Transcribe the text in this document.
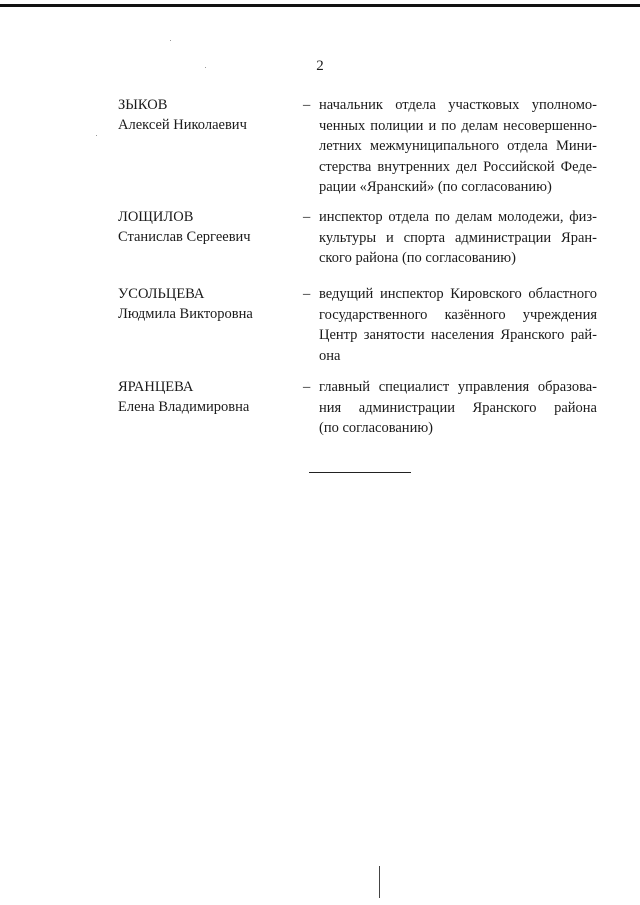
2
ЗЫКОВ
Алексей Николаевич
– начальник отдела участковых уполномо-
ченных полиции и по делам несовершенно-
летних межмуниципального отдела Мини-
стерства внутренних дел Российской Феде-
рации «Яранский» (по согласованию)
ЛОЩИЛОВ
Станислав Сергеевич
– инспектор отдела по делам молодежи, физ-
культуры и спорта администрации Яран-
ского района (по согласованию)
УСОЛЬЦЕВА
Людмила Викторовна
– ведущий инспектор Кировского областного
государственного казённого учреждения
Центр занятости населения Яранского рай-
она
ЯРАНЦЕВА
Елена Владимировна
– главный специалист управления образова-
ния администрации Яранского района
(по согласованию)
